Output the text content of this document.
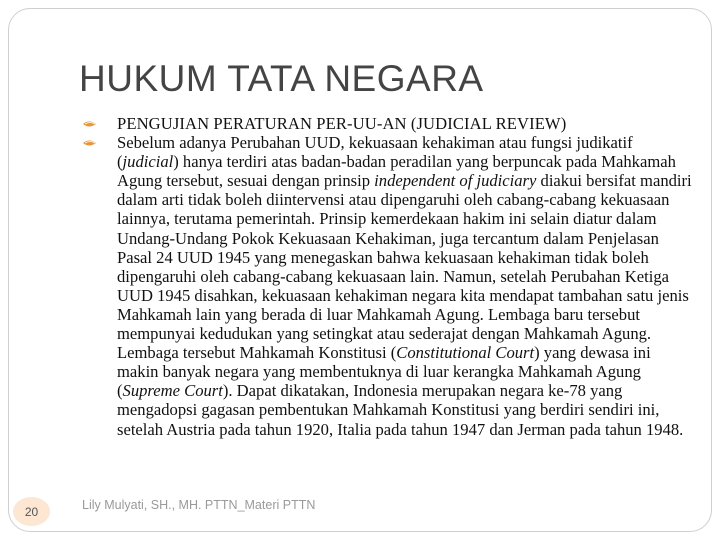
HUKUM TATA NEGARA
PENGUJIAN PERATURAN PER-UU-AN (JUDICIAL REVIEW)
Sebelum adanya Perubahan UUD, kekuasaan kehakiman atau fungsi judikatif (judicial) hanya terdiri atas badan-badan peradilan yang berpuncak pada Mahkamah Agung tersebut, sesuai dengan prinsip independent of judiciary diakui bersifat mandiri dalam arti tidak boleh diintervensi atau dipengaruhi oleh cabang-cabang kekuasaan lainnya, terutama pemerintah. Prinsip kemerdekaan hakim ini selain diatur dalam Undang-Undang Pokok Kekuasaan Kehakiman, juga tercantum dalam Penjelasan Pasal 24 UUD 1945 yang menegaskan bahwa kekuasaan kehakiman tidak boleh dipengaruhi oleh cabang-cabang kekuasaan lain. Namun, setelah Perubahan Ketiga UUD 1945 disahkan, kekuasaan kehakiman negara kita mendapat tambahan satu jenis Mahkamah lain yang berada di luar Mahkamah Agung. Lembaga baru tersebut mempunyai kedudukan yang setingkat atau sederajat dengan Mahkamah Agung. Lembaga tersebut Mahkamah Konstitusi (Constitutional Court) yang dewasa ini makin banyak negara yang membentuknya di luar kerangka Mahkamah Agung (Supreme Court). Dapat dikatakan, Indonesia merupakan negara ke-78 yang mengadopsi gagasan pembentukan Mahkamah Konstitusi yang berdiri sendiri ini, setelah Austria pada tahun 1920, Italia pada tahun 1947 dan Jerman pada tahun 1948.
Lily Mulyati, SH., MH. PTTN_Materi PTTN
20
